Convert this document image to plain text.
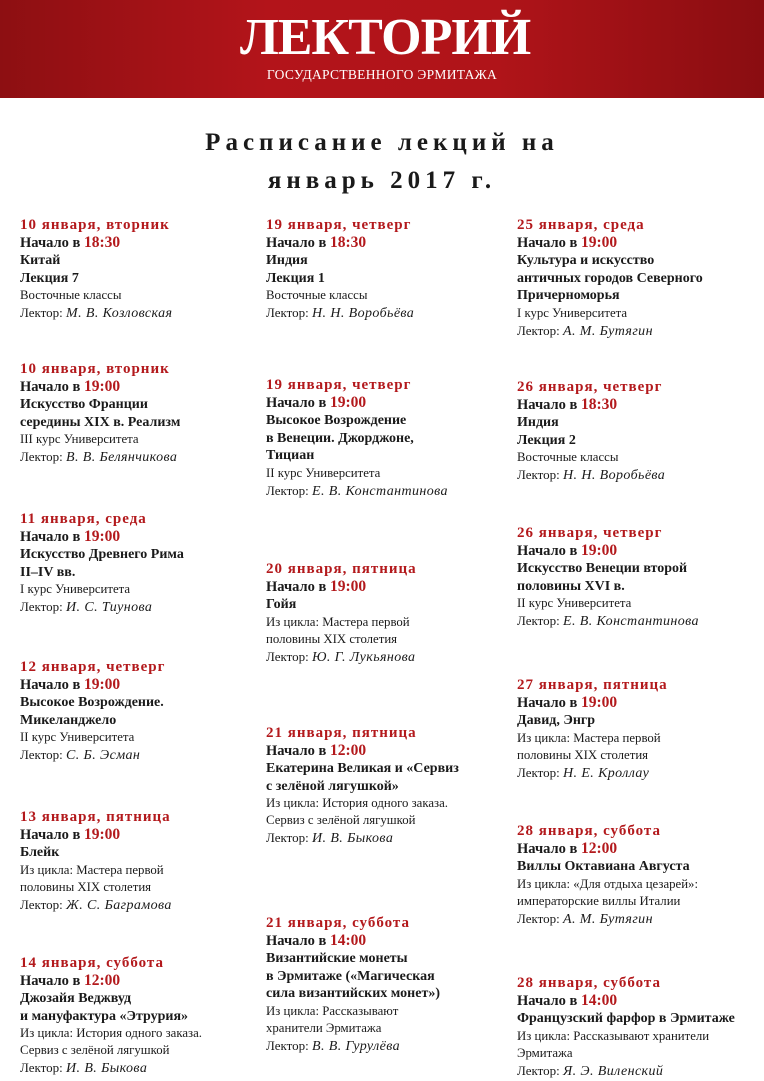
ЛЕКТОРИЙ
ГОСУДАРСТВЕННОГО ЭРМИТАЖА
Расписание лекций на
январь 2017 г.
10 января, вторник
Начало в 18:30
Китай
Лекция 7
Восточные классы
Лектор: М. В. Козловская
10 января, вторник
Начало в 19:00
Искусство Франции
середины XIX в. Реализм
III курс Университета
Лектор: В. В. Белянчикова
11 января, среда
Начало в 19:00
Искусство Древнего Рима
II–IV вв.
I курс Университета
Лектор: И. С. Тиунова
12 января, четверг
Начало в 19:00
Высокое Возрождение.
Микеланджело
II курс Университета
Лектор: С. Б. Эсман
13 января, пятница
Начало в 19:00
Блейк
Из цикла: Мастера первой
половины XIX столетия
Лектор: Ж. С. Баграмова
14 января, суббота
Начало в 12:00
Джозайя Веджвуд
и мануфактура «Этрурия»
Из цикла: История одного заказа.
Сервиз с зелёной лягушкой
Лектор: И. В. Быкова
19 января, четверг
Начало в 18:30
Индия
Лекция 1
Восточные классы
Лектор: Н. Н. Воробьёва
19 января, четверг
Начало в 19:00
Высокое Возрождение
в Венеции. Джорджоне,
Тициан
II курс Университета
Лектор: Е. В. Константинова
20 января, пятница
Начало в 19:00
Гойя
Из цикла: Мастера первой
половины XIX столетия
Лектор: Ю. Г. Лукьянова
21 января, пятница
Начало в 12:00
Екатерина Великая и «Сервиз
с зелёной лягушкой»
Из цикла: История одного заказа.
Сервиз с зелёной лягушкой
Лектор: И. В. Быкова
21 января, суббота
Начало в 14:00
Византийские монеты
в Эрмитаже («Магическая
сила византийских монет»)
Из цикла: Рассказывают
хранители Эрмитажа
Лектор: В. В. Гурулёва
25 января, среда
Начало в 19:00
Культура и искусство
античных городов Северного
Причерноморья
I курс Университета
Лектор: А. М. Бутягин
26 января, четверг
Начало в 18:30
Индия
Лекция 2
Восточные классы
Лектор: Н. Н. Воробьёва
26 января, четверг
Начало в 19:00
Искусство Венеции второй
половины XVI в.
II курс Университета
Лектор: Е. В. Константинова
27 января, пятница
Начало в 19:00
Давид, Энгр
Из цикла: Мастера первой
половины XIX столетия
Лектор: Н. Е. Кроллау
28 января, суббота
Начало в 12:00
Виллы Октавиана Августа
Из цикла: «Для отдыха цезарей»:
императорские виллы Италии
Лектор: А. М. Бутягин
28 января, суббота
Начало в 14:00
Французский фарфор в Эрмитаже
Из цикла: Рассказывают хранители
Эрмитажа
Лектор: Я. Э. Виленский
